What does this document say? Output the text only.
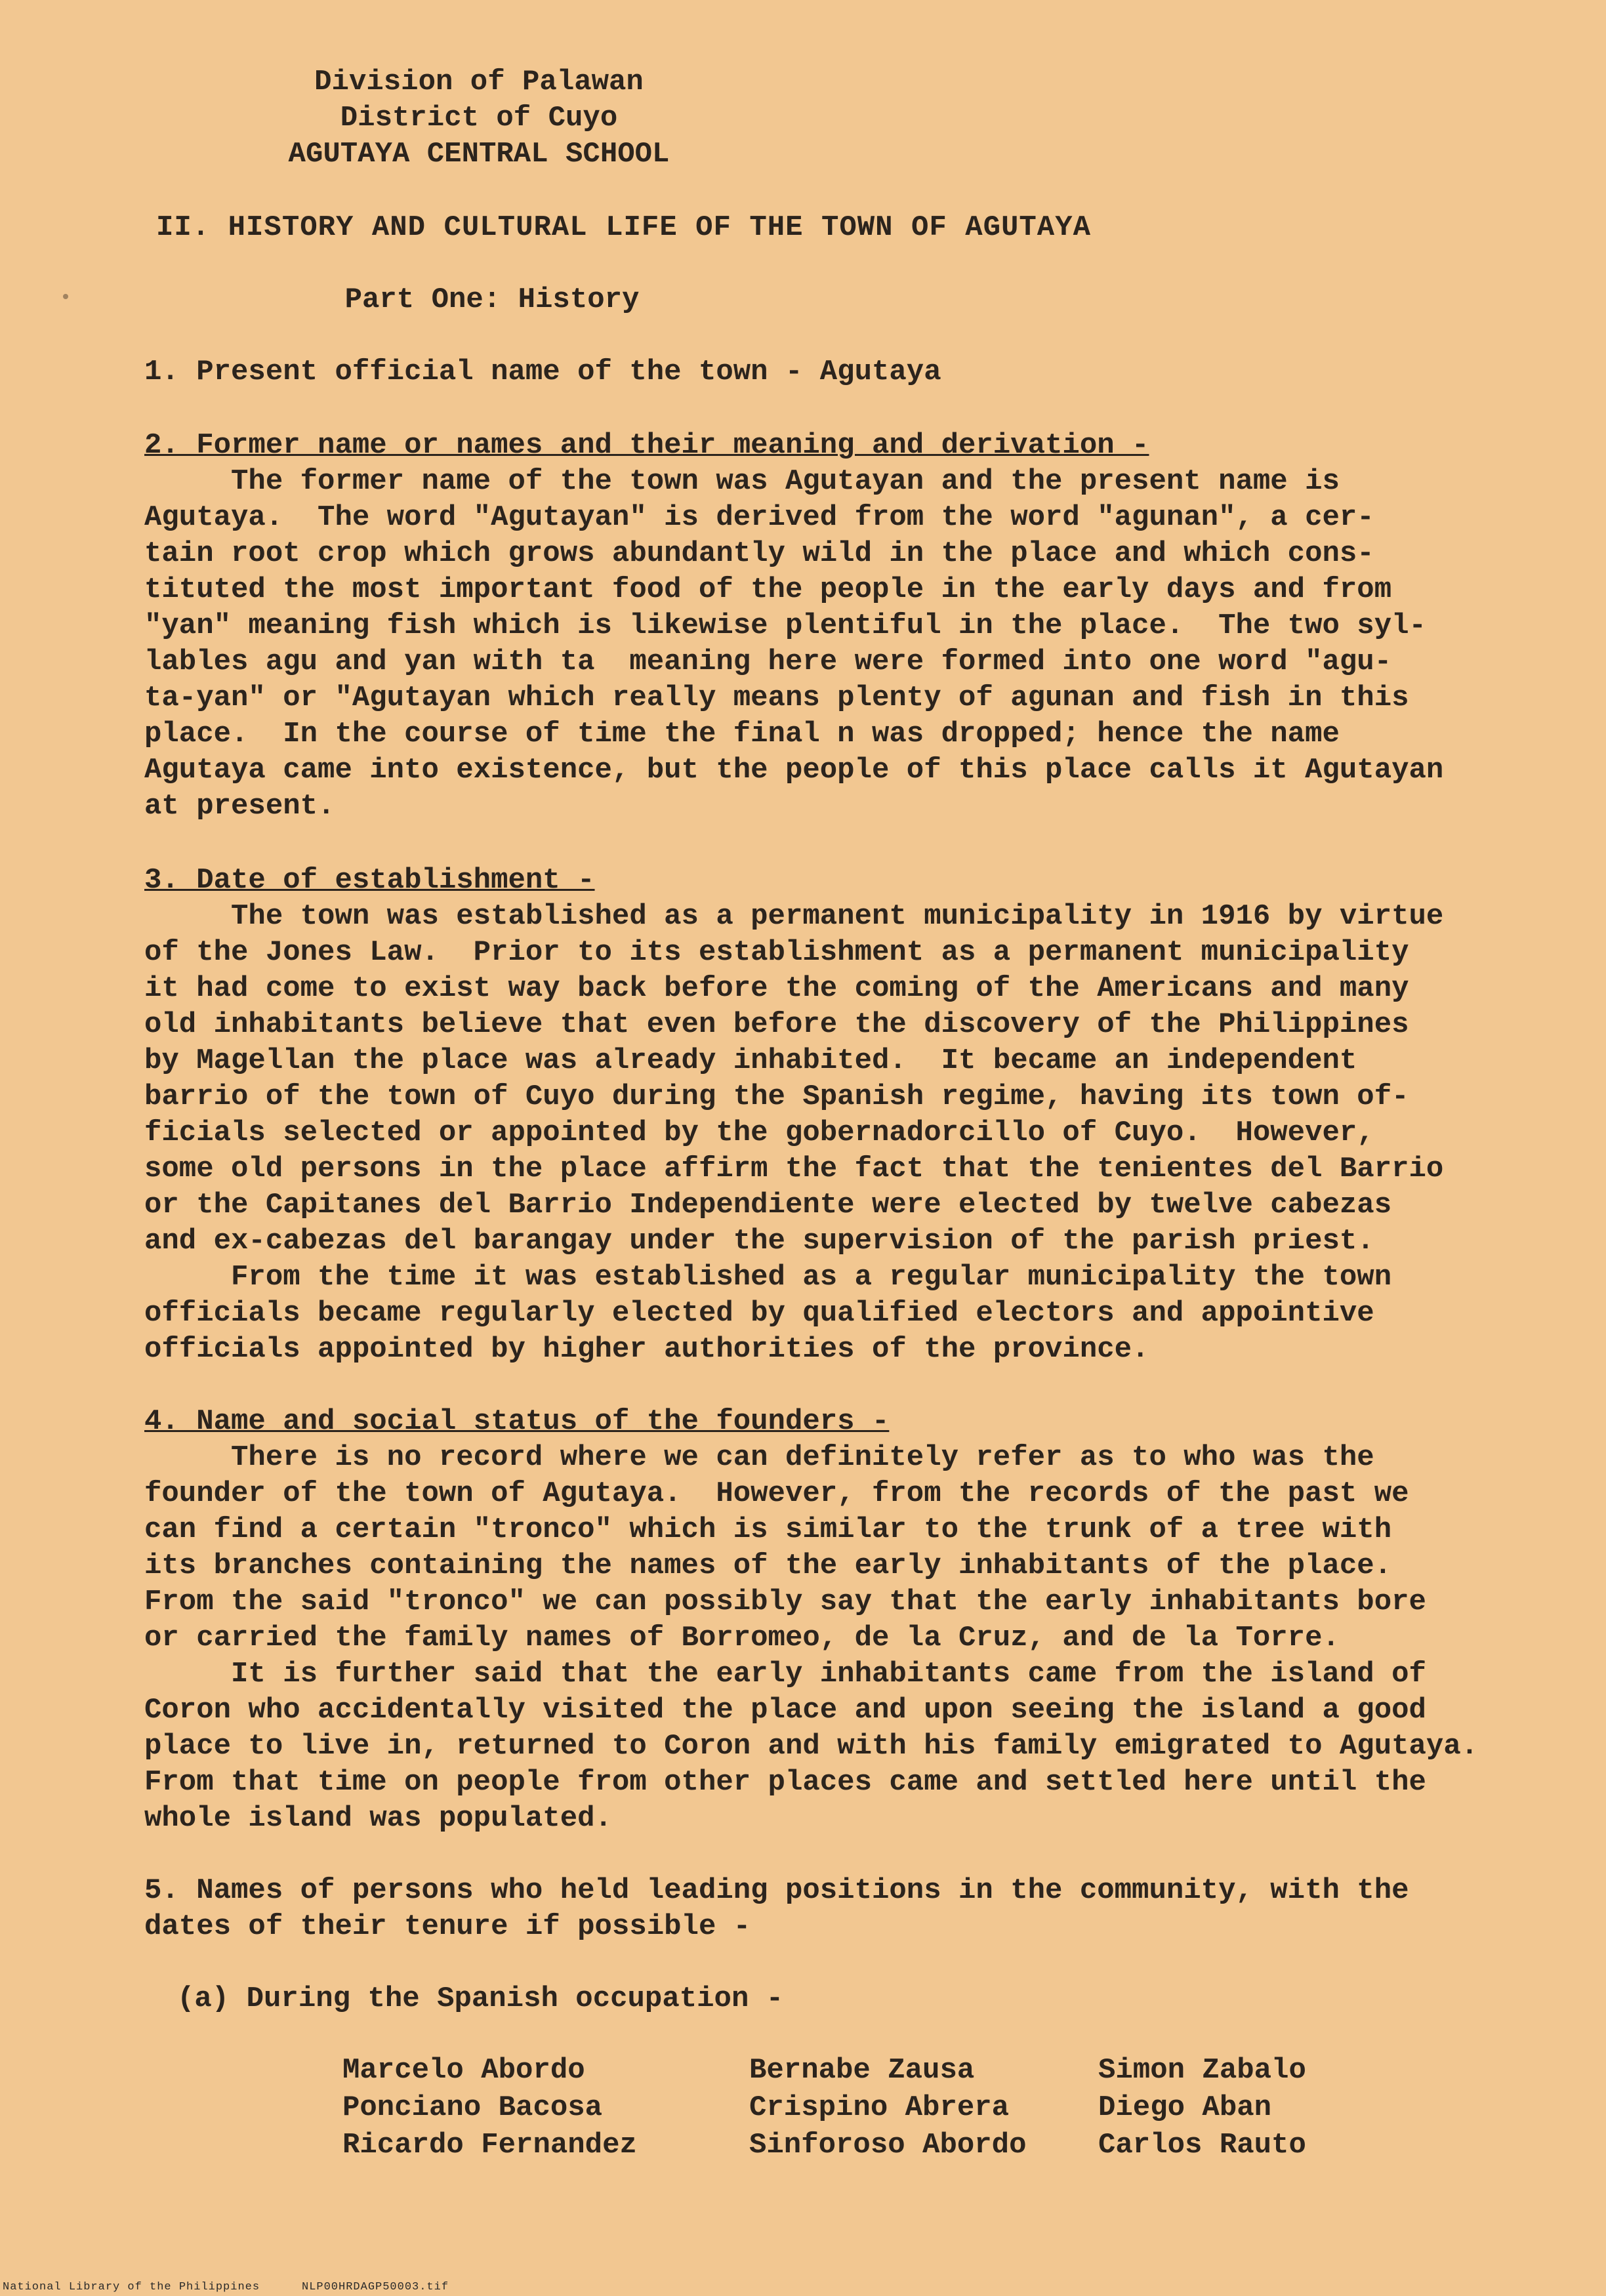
Division of Palawan
District of Cuyo
AGUTAYA CENTRAL SCHOOL
II. HISTORY AND CULTURAL LIFE OF THE TOWN OF AGUTAYA
Part One: History
1. Present official name of the town - Agutaya
2. Former name or names and their meaning and derivation -
The former name of the town was Agutayan and the present name is
Agutaya.  The word "Agutayan" is derived from the word "agunan", a cer-
tain root crop which grows abundantly wild in the place and which cons-
tituted the most important food of the people in the early days and from
"yan" meaning fish which is likewise plentiful in the place.  The two syl-
lables agu and yan with ta  meaning here were formed into one word "agu-
ta-yan" or "Agutayan which really means plenty of agunan and fish in this
place.  In the course of time the final n was dropped; hence the name
Agutaya came into existence, but the people of this place calls it Agutayan
at present.
3. Date of establishment -
The town was established as a permanent municipality in 1916 by virtue
of the Jones Law.  Prior to its establishment as a permanent municipality
it had come to exist way back before the coming of the Americans and many
old inhabitants believe that even before the discovery of the Philippines
by Magellan the place was already inhabited.  It became an independent
barrio of the town of Cuyo during the Spanish regime, having its town of-
ficials selected or appointed by the gobernadorcillo of Cuyo.  However,
some old persons in the place affirm the fact that the tenientes del Barrio
or the Capitanes del Barrio Independiente were elected by twelve cabezas
and ex-cabezas del barangay under the supervision of the parish priest.
From the time it was established as a regular municipality the town
officials became regularly elected by qualified electors and appointive
officials appointed by higher authorities of the province.
4. Name and social status of the founders -
There is no record where we can definitely refer as to who was the
founder of the town of Agutaya.  However, from the records of the past we
can find a certain "tronco" which is similar to the trunk of a tree with
its branches containing the names of the early inhabitants of the place.
From the said "tronco" we can possibly say that the early inhabitants bore
or carried the family names of Borromeo, de la Cruz, and de la Torre.
It is further said that the early inhabitants came from the island of
Coron who accidentally visited the place and upon seeing the island a good
place to live in, returned to Coron and with his family emigrated to Agutaya.
From that time on people from other places came and settled here until the
whole island was populated.
5. Names of persons who held leading positions in the community, with the
dates of their tenure if possible -
(a) During the Spanish occupation -
Marcelo Abordo
Ponciano Bacosa
Ricardo Fernandez
Bernabe Zausa
Crispino Abrera
Sinforoso Abordo
Simon Zabalo
Diego Aban
Carlos Rauto
National Library of the Philippines	NLP00HRDAGP50003.tif
